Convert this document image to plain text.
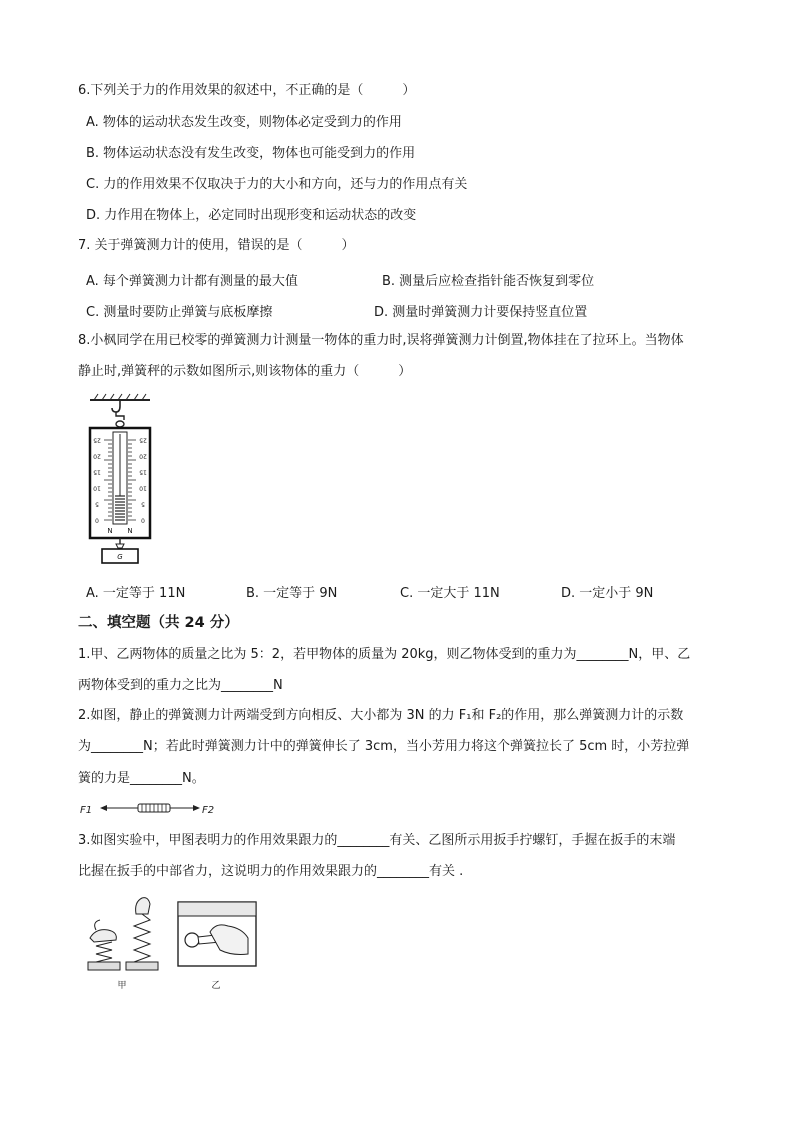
6.下列关于力的作用效果的叙述中，不正确的是（　　　）
A. 物体的运动状态发生改变，则物体必定受到力的作用
B. 物体运动状态没有发生改变，物体也可能受到力的作用
C. 力的作用效果不仅取决于力的大小和方向，还与力的作用点有关
D. 力作用在物体上，必定同时出现形变和运动状态的改变
7. 关于弹簧测力计的使用，错误的是（　　　）
A. 每个弹簧测力计都有测量的最大值	B. 测量后应检查指针能否恢复到零位
C. 测量时要防止弹簧与底板摩擦	D. 测量时弹簧测力计要保持竖直位置
8.小枫同学在用已校零的弹簧测力计测量一物体的重力时,误将弹簧测力计倒置,物体挂在了拉环上。当物体
静止时,弹簧秤的示数如图所示,则该物体的重力（　　　）
25
20
15
10
5
0
25
20
15
10
5
0
N N
G
A. 一定等于 11N	B. 一定等于 9N	C. 一定大于 11N	D. 一定小于 9N
二、填空题（共 24 分）
1.甲、乙两物体的质量之比为 5：2，若甲物体的质量为 20kg，则乙物体受到的重力为________N，甲、乙
两物体受到的重力之比为________N
2.如图，静止的弹簧测力计两端受到方向相反、大小都为 3N 的力 F₁和 F₂的作用，那么弹簧测力计的示数
为________N；若此时弹簧测力计中的弹簧伸长了 3cm，当小芳用力将这个弹簧拉长了 5cm 时，小芳拉弹
簧的力是________N。
F1	F2
3.如图实验中，甲图表明力的作用效果跟力的________有关、乙图所示用扳手拧螺钉，手握在扳手的末端
比握在扳手的中部省力，这说明力的作用效果跟力的________有关 .
甲	乙
